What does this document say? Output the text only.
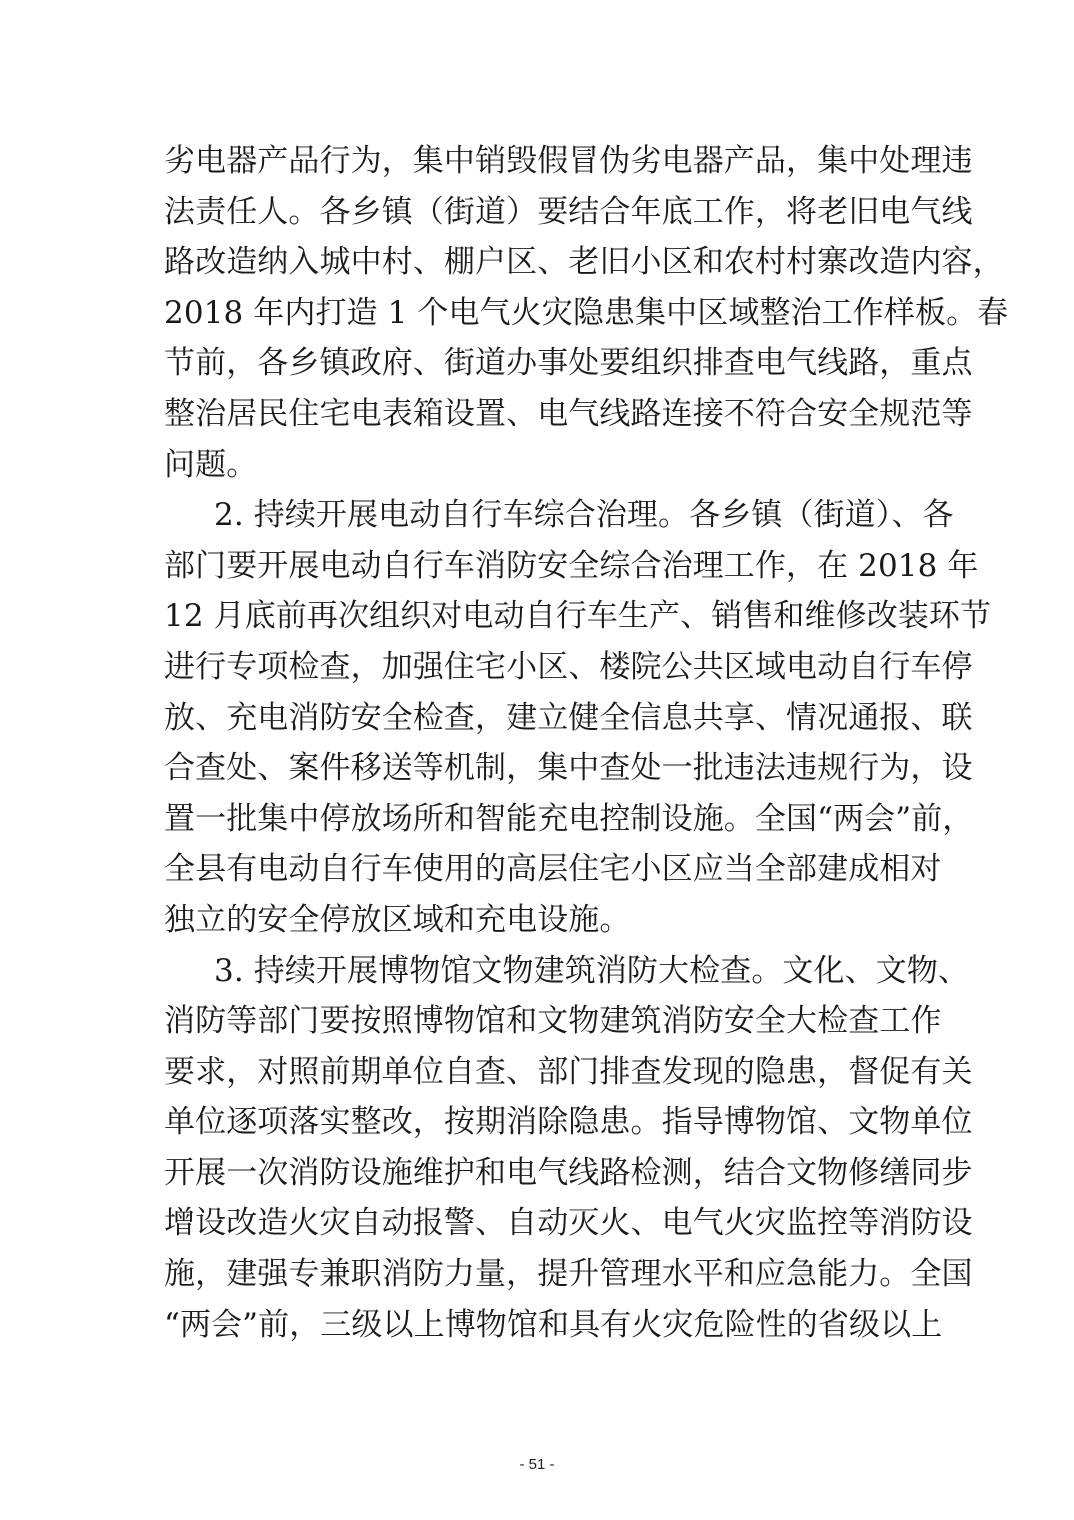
劣电器产品行为，集中销毁假冒伪劣电器产品，集中处理违
法责任人。各乡镇（街道）要结合年底工作，将老旧电气线
路改造纳入城中村、棚户区、老旧小区和农村村寨改造内容，
2018 年内打造 1 个电气火灾隐患集中区域整治工作样板。春
节前，各乡镇政府、街道办事处要组织排查电气线路，重点
整治居民住宅电表箱设置、电气线路连接不符合安全规范等
问题。
2. 持续开展电动自行车综合治理。各乡镇（街道）、各
部门要开展电动自行车消防安全综合治理工作，在 2018 年
12 月底前再次组织对电动自行车生产、销售和维修改装环节
进行专项检查，加强住宅小区、楼院公共区域电动自行车停
放、充电消防安全检查，建立健全信息共享、情况通报、联
合查处、案件移送等机制，集中查处一批违法违规行为，设
置一批集中停放场所和智能充电控制设施。全国“两会”前，
全县有电动自行车使用的高层住宅小区应当全部建成相对
独立的安全停放区域和充电设施。
3. 持续开展博物馆文物建筑消防大检查。文化、文物、
消防等部门要按照博物馆和文物建筑消防安全大检查工作
要求，对照前期单位自查、部门排查发现的隐患，督促有关
单位逐项落实整改，按期消除隐患。指导博物馆、文物单位
开展一次消防设施维护和电气线路检测，结合文物修缮同步
增设改造火灾自动报警、自动灭火、电气火灾监控等消防设
施，建强专兼职消防力量，提升管理水平和应急能力。全国
“两会”前，三级以上博物馆和具有火灾危险性的省级以上
- 51 -
